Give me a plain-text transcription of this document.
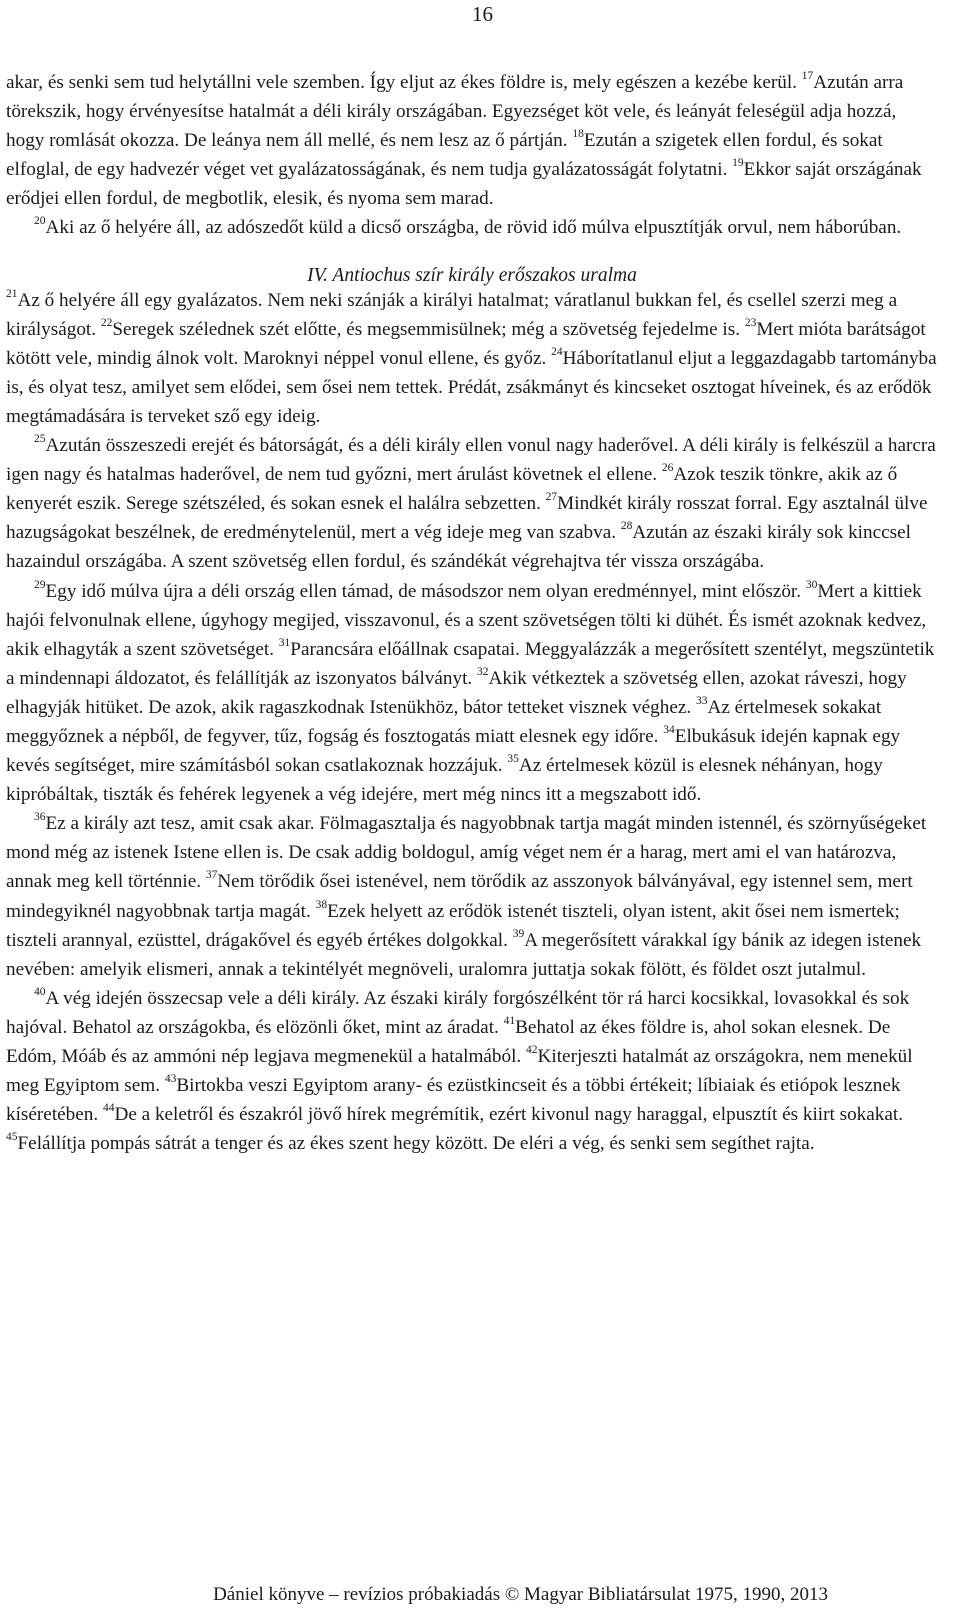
16

akar, és senki sem tud helytállni vele szemben. Így eljut az ékes földre is, mely egészen a kezébe kerül. $^{17}$Azután arra törekszik, hogy érvényesítse hatalmát a déli király országában. Egyezséget köt vele, és leányát feleségül adja hozzá, hogy romlását okozza. De leánya nem áll mellé, és nem lesz az ő pártján. $^{18}$Ezután a szigetek ellen fordul, és sokat elfoglal, de egy hadvezér véget vet gyalázatosságának, és nem tudja gyalázatosságát folytatni. $^{19}$Ekkor saját országának erődjei ellen fordul, de megbotlik, elesik, és nyoma sem marad.

$^{20}$Aki az ő helyére áll, az adószedőt küld a dicső országba, de rövid idő múlva elpusztítják orvul, nem háborúban.

IV. Antiochus szír király erőszakos uralma

$^{21}$Az ő helyére áll egy gyalázatos. Nem neki szánják a királyi hatalmat; váratlanul bukkan fel, és csellel szerzi meg a királyságot. $^{22}$Seregek szélednek szét előtte, és megsemmisülnek; még a szövetség fejedelme is. $^{23}$Mert mióta barátságot kötött vele, mindig álnok volt. Maroknyi néppel vonul ellene, és győz. $^{24}$Háborítatlanul eljut a leggazdagabb tartományba is, és olyat tesz, amilyet sem elődei, sem ősei nem tettek. Prédát, zsákmányt és kincseket osztogat híveinek, és az erődök megtámadására is terveket sző egy ideig.

$^{25}$Azután összeszedi erejét és bátorságát, és a déli király ellen vonul nagy haderővel. A déli király is felkészül a harcra igen nagy és hatalmas haderővel, de nem tud győzni, mert árulást követnek el ellene. $^{26}$Azok teszik tönkre, akik az ő kenyerét eszik. Serege szétszéled, és sokan esnek el halálra sebzetten. $^{27}$Mindkét király rosszat forral. Egy asztalnál ülve hazugságokat beszélnek, de eredménytelenül, mert a vég ideje meg van szabva. $^{28}$Azután az északi király sok kinccsel hazaindul országába. A szent szövetség ellen fordul, és szándékát végrehajtva tér vissza országába.

$^{29}$Egy idő múlva újra a déli ország ellen támad, de másodszor nem olyan eredménnyel, mint először. $^{30}$Mert a kittiek hajói felvonulnak ellene, úgyhogy megijed, visszavonul, és a szent szövetségen tölti ki dühét. És ismét azoknak kedvez, akik elhagyták a szent szövetséget. $^{31}$Parancsára előállnak csapatai. Meggyalázzák a megerősített szentélyt, megszüntetik a mindennapi áldozatot, és felállítják az iszonyatos bálványt. $^{32}$Akik vétkeztek a szövetség ellen, azokat ráveszi, hogy elhagyják hitüket. De azok, akik ragaszkodnak Istenükhöz, bátor tetteket visznek véghez. $^{33}$Az értelmesek sokakat meggyőznek a népből, de fegyver, tűz, fogság és fosztogatás miatt elesnek egy időre. $^{34}$Elbukásuk idején kapnak egy kevés segítséget, mire számításból sokan csatlakoznak hozzájuk. $^{35}$Az értelmesek közül is elesnek néhányan, hogy kipróbáltak, tiszták és fehérek legyenek a vég idejére, mert még nincs itt a megszabott idő.

$^{36}$Ez a király azt tesz, amit csak akar. Fölmagasztalja és nagyobbnak tartja magát minden istennél, és szörnyűségeket mond még az istenek Istene ellen is. De csak addig boldogul, amíg véget nem ér a harag, mert ami el van határozva, annak meg kell történnie. $^{37}$Nem törődik ősei istenével, nem törődik az asszonyok bálványával, egy istennel sem, mert mindegyiknél nagyobbnak tartja magát. $^{38}$Ezek helyett az erődök istenét tiszteli, olyan istent, akit ősei nem ismertek; tiszteli arannyal, ezüsttel, drágakővel és egyéb értékes dolgokkal. $^{39}$A megerősített várakkal így bánik az idegen istenek nevében: amelyik elismeri, annak a tekintélyét megnöveli, uralomra juttatja sokak fölött, és földet oszt jutalmul.

$^{40}$A vég idején összecsap vele a déli király. Az északi király forgószélként tör rá harci kocsikkal, lovasokkal és sok hajóval. Behatol az országokba, és elözönli őket, mint az áradat. $^{41}$Behatol az ékes földre is, ahol sokan elesnek. De Edóm, Móáb és az ammóni nép legjava megmenekül a hatalmából. $^{42}$Kiterjeszti hatalmát az országokra, nem menekül meg Egyiptom sem. $^{43}$Birtokba veszi Egyiptom arany- és ezüstkincseit és a többi értékeit; líbiaiak és etiópok lesznek kíséretében. $^{44}$De a keletről és északról jövő hírek megrémítik, ezért kivonul nagy haraggal, elpusztít és kiirt sokakat. $^{45}$Felállítja pompás sátrát a tenger és az ékes szent hegy között. De eléri a vég, és senki sem segíthet rajta.

Dániel könyve – revízios próbakiadás © Magyar Bibliatársulat 1975, 1990, 2013
